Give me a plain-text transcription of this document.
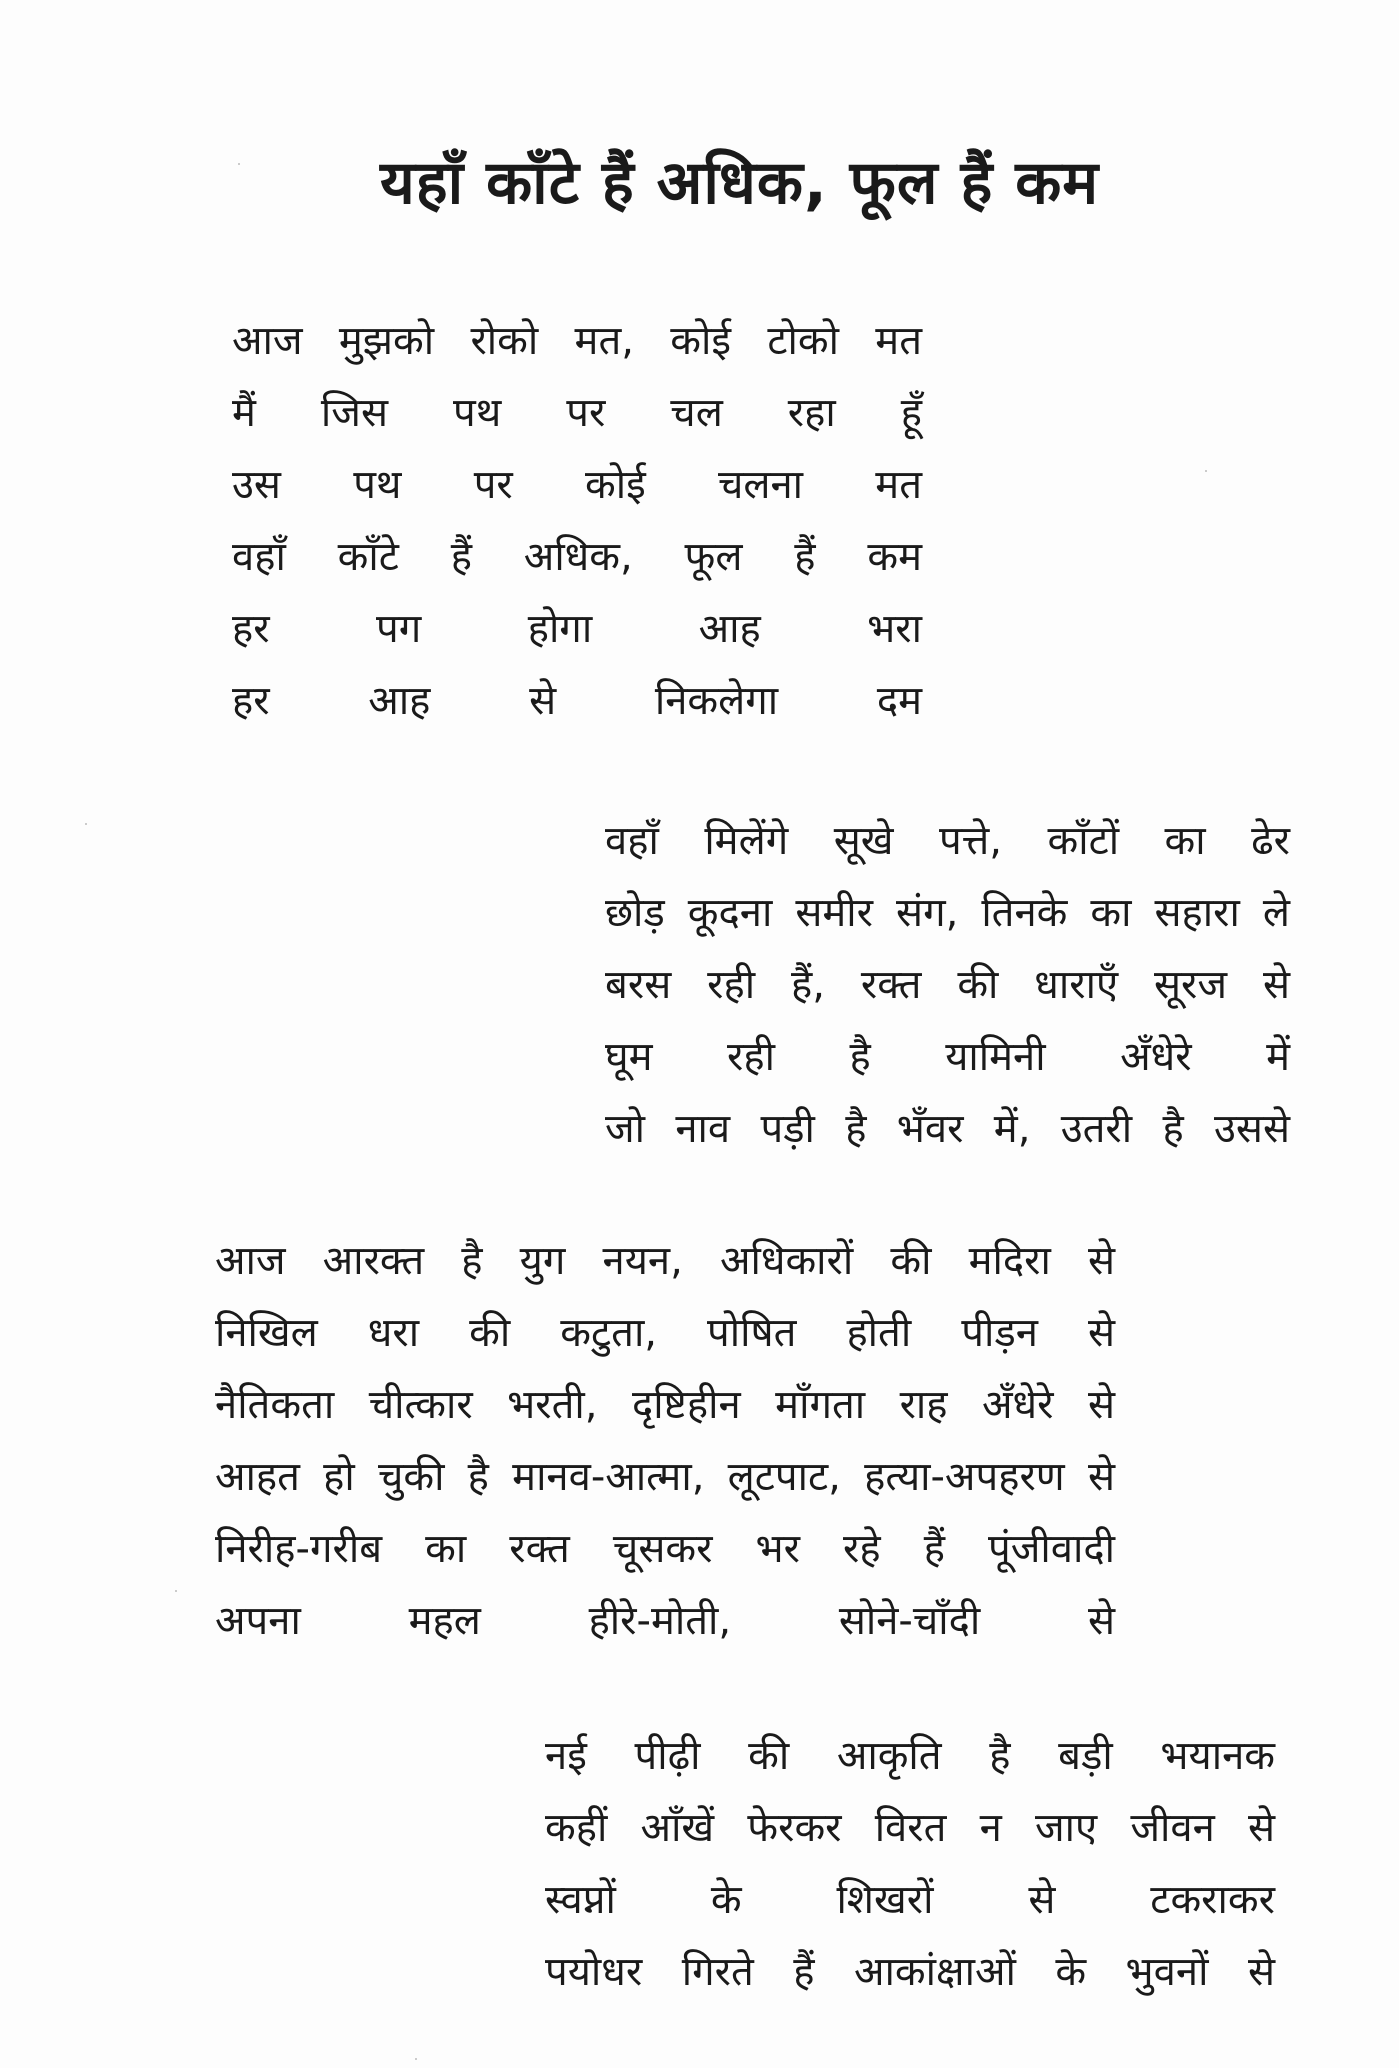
यहाँ काँटे हैं अधिक, फूल हैं कम
आज मुझको रोको मत, कोई टोको मत
मैं जिस पथ पर चल रहा हूँ
उस पथ पर कोई चलना मत
वहाँ काँटे हैं अधिक, फूल हैं कम
हर पग होगा आह भरा
हर आह से निकलेगा दम
वहाँ मिलेंगे सूखे पत्ते, काँटों का ढेर
छोड़ कूदना समीर संग, तिनके का सहारा ले
बरस रही हैं, रक्त की धाराएँ सूरज से
घूम रही है यामिनी अँधेरे में
जो नाव पड़ी है भँवर में, उतरी है उससे
आज आरक्त है युग नयन, अधिकारों की मदिरा से
निखिल धरा की कटुता, पोषित होती पीड़न से
नैतिकता चीत्कार भरती, दृष्टिहीन माँगता राह अँधेरे से
आहत हो चुकी है मानव-आत्मा, लूटपाट, हत्या-अपहरण से
निरीह-गरीब का रक्त चूसकर भर रहे हैं पूंजीवादी
अपना महल हीरे-मोती, सोने-चाँदी से
नई पीढ़ी की आकृति है बड़ी भयानक
कहीं आँखें फेरकर विरत न जाए जीवन से
स्वप्नों के शिखरों से टकराकर
पयोधर गिरते हैं आकांक्षाओं के भुवनों से
